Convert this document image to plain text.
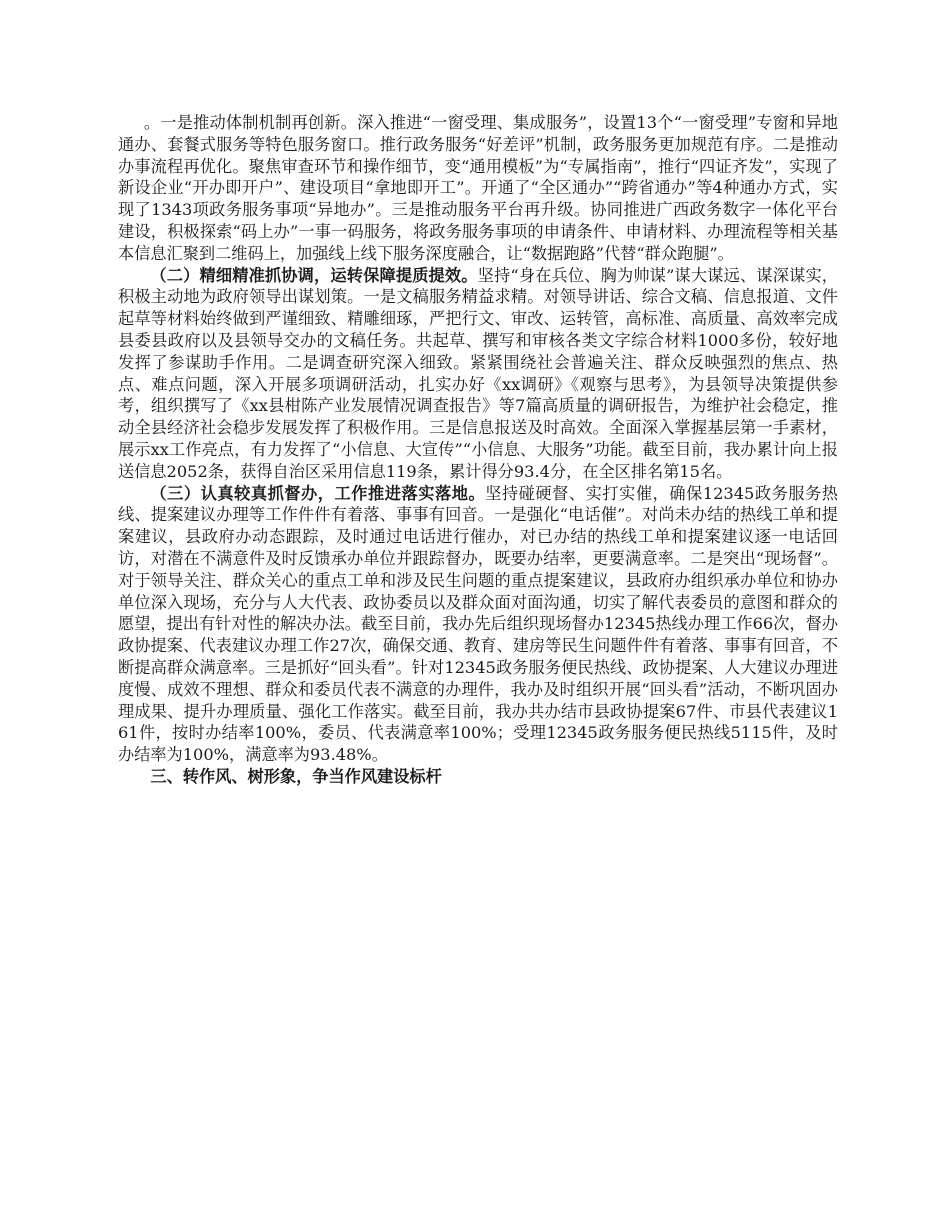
。一是推动体制机制再创新。深入推进“一窗受理、集成服务”，设置13个“一窗受理”专窗和异地通办、套餐式服务等特色服务窗口。推行政务服务“好差评”机制，政务服务更加规范有序。二是推动办事流程再优化。聚焦审查环节和操作细节，变“通用模板”为“专属指南”，推行“四证齐发”，实现了新设企业“开办即开户”、建设项目“拿地即开工”。开通了“全区通办”“跨省通办”等4种通办方式，实现了1343项政务服务事项“异地办”。三是推动服务平台再升级。协同推进广西政务数字一体化平台建设，积极探索“码上办”一事一码服务，将政务服务事项的申请条件、申请材料、办理流程等相关基本信息汇聚到二维码上，加强线上线下服务深度融合，让“数据跑路”代替“群众跑腿”。

（二）精细精准抓协调，运转保障提质提效。坚持“身在兵位、胸为帅谋”谋大谋远、谋深谋实，积极主动地为政府领导出谋划策。一是文稿服务精益求精。对领导讲话、综合文稿、信息报道、文件起草等材料始终做到严谨细致、精雕细琢，严把行文、审改、运转管，高标准、高质量、高效率完成县委县政府以及县领导交办的文稿任务。共起草、撰写和审核各类文字综合材料1000多份，较好地发挥了参谋助手作用。二是调查研究深入细致。紧紧围绕社会普遍关注、群众反映强烈的焦点、热点、难点问题，深入开展多项调研活动，扎实办好《xx调研》《观察与思考》，为县领导决策提供参考，组织撰写了《xx县柑陈产业发展情况调查报告》等7篇高质量的调研报告，为维护社会稳定，推动全县经济社会稳步发展发挥了积极作用。三是信息报送及时高效。全面深入掌握基层第一手素材，展示xx工作亮点，有力发挥了“小信息、大宣传”“小信息、大服务”功能。截至目前，我办累计向上报送信息2052条，获得自治区采用信息119条，累计得分93.4分，在全区排名第15名。

（三）认真较真抓督办，工作推进落实落地。坚持碰硬督、实打实催，确保12345政务服务热线、提案建议办理等工作件件有着落、事事有回音。一是强化“电话催”。对尚未办结的热线工单和提案建议，县政府办动态跟踪，及时通过电话进行催办，对已办结的热线工单和提案建议逐一电话回访，对潜在不满意件及时反馈承办单位并跟踪督办，既要办结率，更要满意率。二是突出“现场督”。对于领导关注、群众关心的重点工单和涉及民生问题的重点提案建议，县政府办组织承办单位和协办单位深入现场，充分与人大代表、政协委员以及群众面对面沟通，切实了解代表委员的意图和群众的愿望，提出有针对性的解决办法。截至目前，我办先后组织现场督办12345热线办理工作66次，督办政协提案、代表建议办理工作27次，确保交通、教育、建房等民生问题件件有着落、事事有回音，不断提高群众满意率。三是抓好“回头看”。针对12345政务服务便民热线、政协提案、人大建议办理进度慢、成效不理想、群众和委员代表不满意的办理件，我办及时组织开展“回头看”活动，不断巩固办理成果、提升办理质量、强化工作落实。截至目前，我办共办结市县政协提案67件、市县代表建议161件，按时办结率100%，委员、代表满意率100%；受理12345政务服务便民热线5115件，及时办结率为100%，满意率为93.48%。

三、转作风、树形象，争当作风建设标杆
